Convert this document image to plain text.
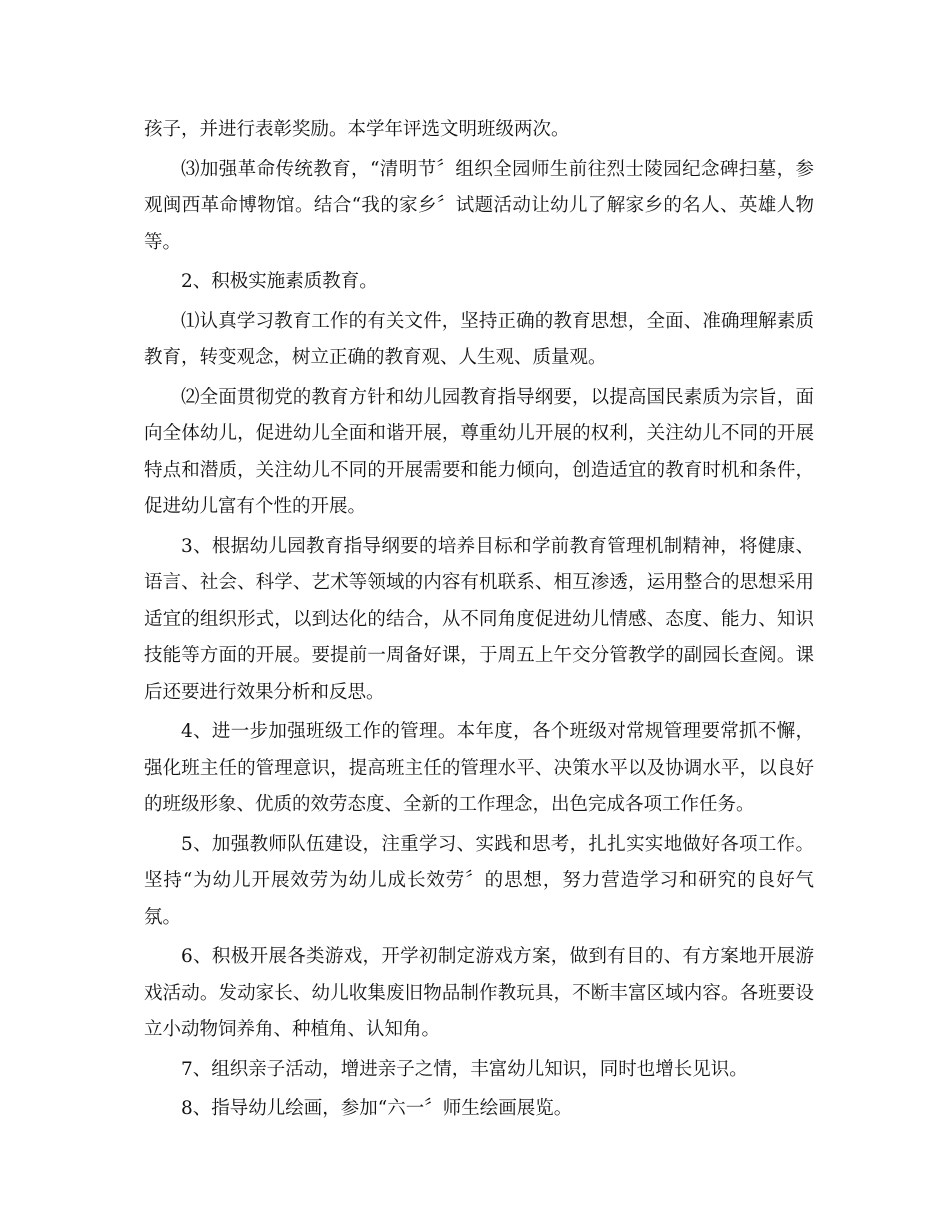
孩子，并进行表彰奖励。本学年评选文明班级两次。

⑶加强革命传统教育，“清明节〞组织全园师生前往烈士陵园纪念碑扫墓，参观闽西革命博物馆。结合“我的家乡〞试题活动让幼儿了解家乡的名人、英雄人物等。

2、积极实施素质教育。

⑴认真学习教育工作的有关文件，坚持正确的教育思想，全面、准确理解素质教育，转变观念，树立正确的教育观、人生观、质量观。

⑵全面贯彻党的教育方针和幼儿园教育指导纲要，以提高国民素质为宗旨，面向全体幼儿，促进幼儿全面和谐开展，尊重幼儿开展的权利，关注幼儿不同的开展特点和潜质，关注幼儿不同的开展需要和能力倾向，创造适宜的教育时机和条件，促进幼儿富有个性的开展。

3、根据幼儿园教育指导纲要的培养目标和学前教育管理机制精神，将健康、语言、社会、科学、艺术等领域的内容有机联系、相互渗透，运用整合的思想采用适宜的组织形式，以到达化的结合，从不同角度促进幼儿情感、态度、能力、知识技能等方面的开展。要提前一周备好课，于周五上午交分管教学的副园长查阅。课后还要进行效果分析和反思。

4、进一步加强班级工作的管理。本年度，各个班级对常规管理要常抓不懈，强化班主任的管理意识，提高班主任的管理水平、决策水平以及协调水平，以良好的班级形象、优质的效劳态度、全新的工作理念，出色完成各项工作任务。

5、加强教师队伍建设，注重学习、实践和思考，扎扎实实地做好各项工作。坚持“为幼儿开展效劳为幼儿成长效劳〞的思想，努力营造学习和研究的良好气氛。

6、积极开展各类游戏，开学初制定游戏方案，做到有目的、有方案地开展游戏活动。发动家长、幼儿收集废旧物品制作教玩具，不断丰富区域内容。各班要设立小动物饲养角、种植角、认知角。

7、组织亲子活动，增进亲子之情，丰富幼儿知识，同时也增长见识。

8、指导幼儿绘画，参加“六一〞师生绘画展览。
